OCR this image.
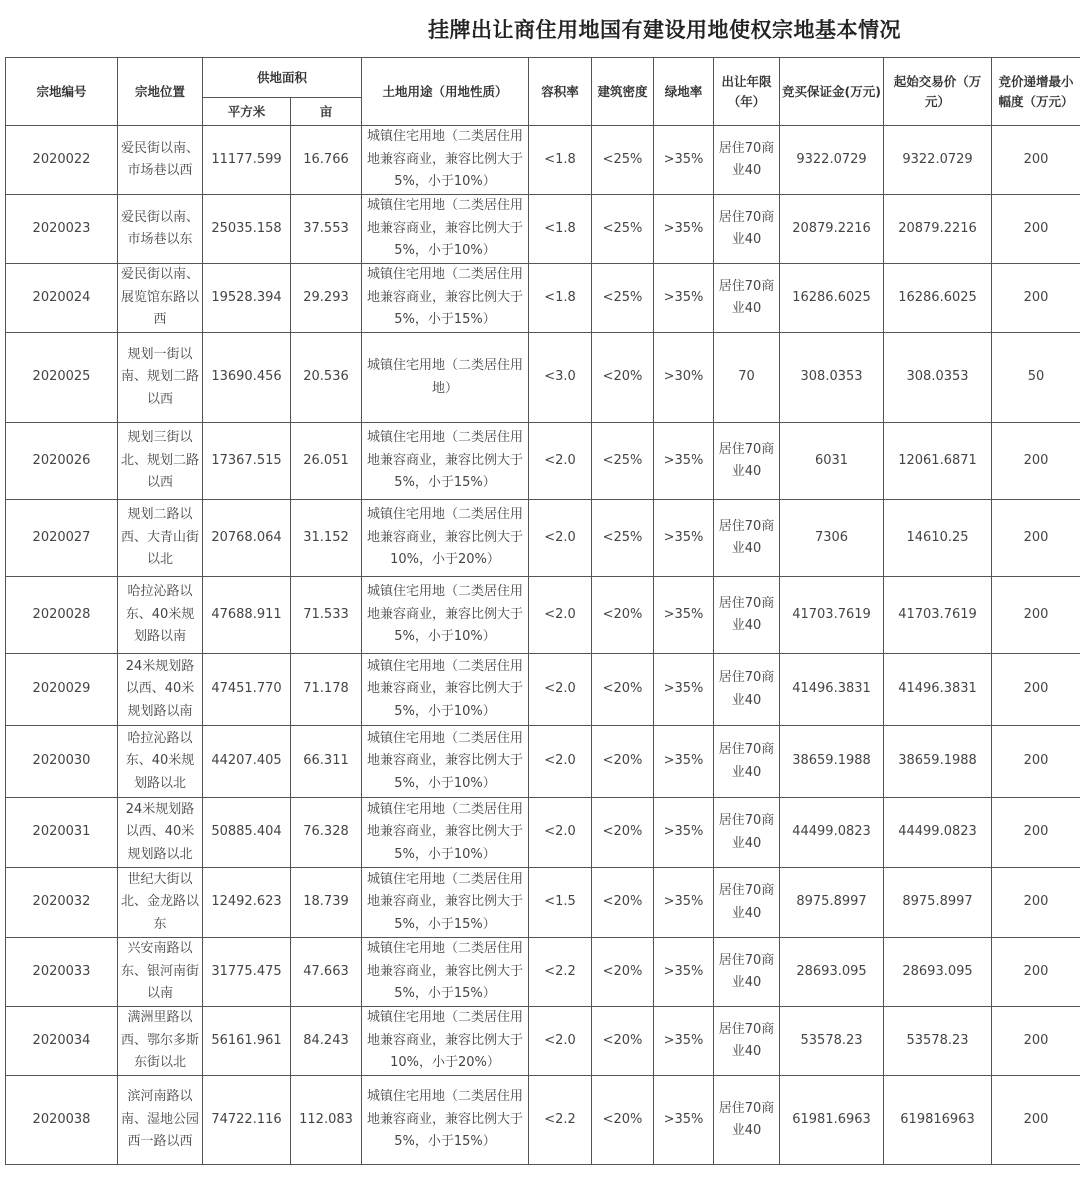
挂牌出让商住用地国有建设用地使权宗地基本情况
宗地编号	宗地位置	供地面积		土地用途（用地性质）	容积率	建筑密度	绿地率	出让年限（年）	竞买保证金(万元)	起始交易价（万元）	竞价递增最小幅度（万元）
		平方米	亩								
2020022	爱民街以南、市场巷以西	11177.599	16.766	城镇住宅用地（二类居住用地兼容商业，兼容比例大于5%，小于10%）	<1.8	<25%	>35%	居住70商业40	9322.0729	9322.0729	200
2020023	爱民街以南、市场巷以东	25035.158	37.553	城镇住宅用地（二类居住用地兼容商业，兼容比例大于5%，小于10%）	<1.8	<25%	>35%	居住70商业40	20879.2216	20879.2216	200
2020024	爱民街以南、展览馆东路以西	19528.394	29.293	城镇住宅用地（二类居住用地兼容商业，兼容比例大于5%，小于15%）	<1.8	<25%	>35%	居住70商业40	16286.6025	16286.6025	200
2020025	规划一街以南、规划二路以西	13690.456	20.536	城镇住宅用地（二类居住用地）	<3.0	<20%	>30%	70	308.0353	308.0353	50
2020026	规划三街以北、规划二路以西	17367.515	26.051	城镇住宅用地（二类居住用地兼容商业，兼容比例大于5%，小于15%）	<2.0	<25%	>35%	居住70商业40	6031	12061.6871	200
2020027	规划二路以西、大青山街以北	20768.064	31.152	城镇住宅用地（二类居住用地兼容商业，兼容比例大于10%，小于20%）	<2.0	<25%	>35%	居住70商业40	7306	14610.25	200
2020028	哈拉沁路以东、40米规划路以南	47688.911	71.533	城镇住宅用地（二类居住用地兼容商业，兼容比例大于5%，小于10%）	<2.0	<20%	>35%	居住70商业40	41703.7619	41703.7619	200
2020029	24米规划路以西、40米规划路以南	47451.770	71.178	城镇住宅用地（二类居住用地兼容商业，兼容比例大于5%，小于10%）	<2.0	<20%	>35%	居住70商业40	41496.3831	41496.3831	200
2020030	哈拉沁路以东、40米规划路以北	44207.405	66.311	城镇住宅用地（二类居住用地兼容商业，兼容比例大于5%，小于10%）	<2.0	<20%	>35%	居住70商业40	38659.1988	38659.1988	200
2020031	24米规划路以西、40米规划路以北	50885.404	76.328	城镇住宅用地（二类居住用地兼容商业，兼容比例大于5%，小于10%）	<2.0	<20%	>35%	居住70商业40	44499.0823	44499.0823	200
2020032	世纪大街以北、金龙路以东	12492.623	18.739	城镇住宅用地（二类居住用地兼容商业，兼容比例大于5%，小于15%）	<1.5	<20%	>35%	居住70商业40	8975.8997	8975.8997	200
2020033	兴安南路以东、银河南街以南	31775.475	47.663	城镇住宅用地（二类居住用地兼容商业，兼容比例大于5%，小于15%）	<2.2	<20%	>35%	居住70商业40	28693.095	28693.095	200
2020034	满洲里路以西、鄂尔多斯东街以北	56161.961	84.243	城镇住宅用地（二类居住用地兼容商业，兼容比例大于10%，小于20%）	<2.0	<20%	>35%	居住70商业40	53578.23	53578.23	200
2020038	滨河南路以南、湿地公园西一路以西	74722.116	112.083	城镇住宅用地（二类居住用地兼容商业，兼容比例大于5%，小于15%）	<2.2	<20%	>35%	居住70商业40	61981.6963	619816963	200
